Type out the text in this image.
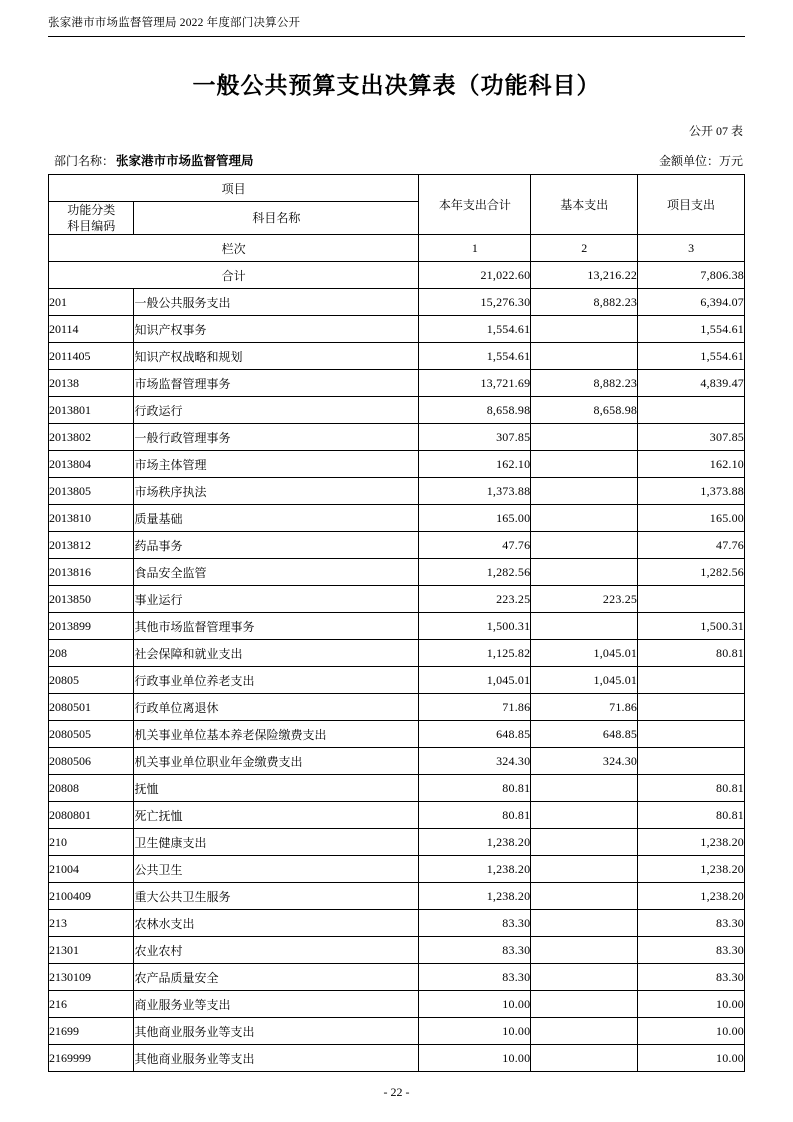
张家港市市场监督管理局 2022 年度部门决算公开
一般公共预算支出决算表（功能科目）
公开 07 表
部门名称： 张家港市市场监督管理局	金额单位：万元
项目		本年支出合计	基本支出	项目支出

功能分类
科目编码	科目名称			
栏次		1	2	3
合计		21,022.60	13,216.22	7,806.38
201	一般公共服务支出	15,276.30	8,882.23	6,394.07
20114	知识产权事务	1,554.61		1,554.61
2011405	知识产权战略和规划	1,554.61		1,554.61
20138	市场监督管理事务	13,721.69	8,882.23	4,839.47
2013801	行政运行	8,658.98	8,658.98	
2013802	一般行政管理事务	307.85		307.85
2013804	市场主体管理	162.10		162.10
2013805	市场秩序执法	1,373.88		1,373.88
2013810	质量基础	165.00		165.00
2013812	药品事务	47.76		47.76
2013816	食品安全监管	1,282.56		1,282.56
2013850	事业运行	223.25	223.25	
2013899	其他市场监督管理事务	1,500.31		1,500.31
208	社会保障和就业支出	1,125.82	1,045.01	80.81
20805	行政事业单位养老支出	1,045.01	1,045.01	
2080501	行政单位离退休	71.86	71.86	
2080505	机关事业单位基本养老保险缴费支出	648.85	648.85	
2080506	机关事业单位职业年金缴费支出	324.30	324.30	
20808	抚恤	80.81		80.81
2080801	死亡抚恤	80.81		80.81
210	卫生健康支出	1,238.20		1,238.20
21004	公共卫生	1,238.20		1,238.20
2100409	重大公共卫生服务	1,238.20		1,238.20
213	农林水支出	83.30		83.30
21301	农业农村	83.30		83.30
2130109	农产品质量安全	83.30		83.30
216	商业服务业等支出	10.00		10.00
21699	其他商业服务业等支出	10.00		10.00
2169999	其他商业服务业等支出	10.00		10.00
- 22 -
